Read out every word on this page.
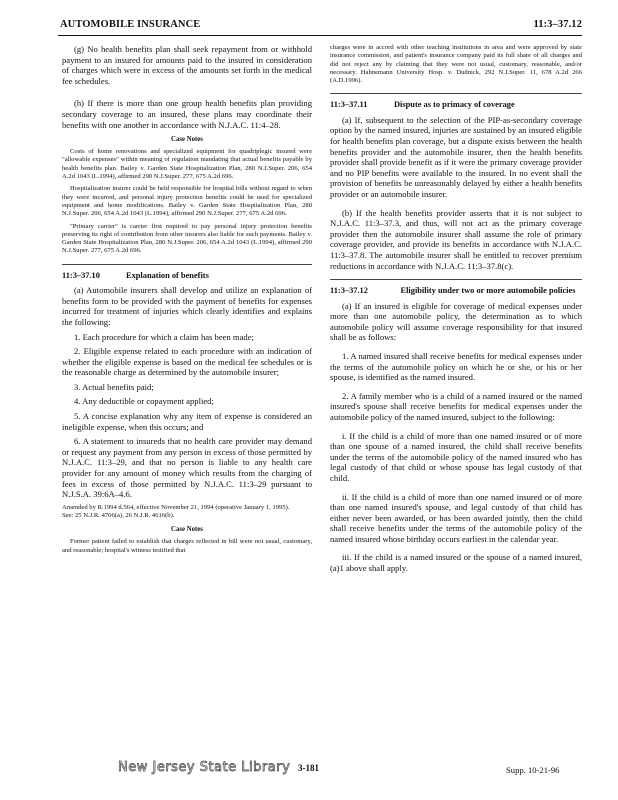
AUTOMOBILE INSURANCE	11:3–37.12

(g) No health benefits plan shall seek repayment from or withhold payment to an insured for amounts paid to the insured in consideration of charges which were in excess of the amounts set forth in the medical fee schedules.

(h) If there is more than one group health benefits plan providing secondary coverage to an insured, these plans may coordinate their benefits with one another in accordance with N.J.A.C. 11:4–28.

Case Notes

Costs of home renovations and specialized equipment for quadriplegic insured were "allowable expenses" within meaning of regulation mandating that actual benefits payable by health benefits plan. Bailey v. Garden State Hospitalization Plan, 280 N.J.Super. 206, 654 A.2d 1043 (L.1994), affirmed 290 N.J.Super. 277, 675 A.2d 696.

Hospitalization insurer could be held responsible for hospital bills without regard to when they were incurred, and personal injury protection benefits could be used for specialized equipment and home modifications. Bailey v. Garden State Hospitalization Plan, 280 N.J.Super. 206, 654 A.2d 1043 (L.1994), affirmed 290 N.J.Super. 277, 675 A.2d 696.

"Primary carrier" is carrier first required to pay personal injury protection benefits preserving its right of contribution from other insurers also liable for such payments. Bailey v. Garden State Hospitalization Plan, 280 N.J.Super. 206, 654 A.2d 1043 (L.1994), affirmed 290 N.J.Super. 277, 675 A.2d 696.

11:3–37.10	Explanation of benefits

(a) Automobile insurers shall develop and utilize an explanation of benefits form to be provided with the payment of benefits for expenses incurred for treatment of injuries which clearly identifies and explains the following:

1. Each procedure for which a claim has been made;

2. Eligible expense related to each procedure with an indication of whether the eligible expense is based on the medical fee schedules or is the reasonable charge as determined by the automobile insurer;

3. Actual benefits paid;

4. Any deductible or copayment applied;

5. A concise explanation why any item of expense is considered an ineligible expense, when this occurs; and

6. A statement to insureds that no health care provider may demand or request any payment from any person in excess of those permitted by N.J.A.C. 11:3–29, and that no person is liable to any health care provider for any amount of money which results from the charging of fees in excess of those permitted by N.J.A.C. 11:3–29 pursuant to N.J.S.A. 39:6A–4.6.

Amended by R.1994 d.564, effective November 21, 1994 (operative January 1, 1995).

See: 25 N.J.R. 4706(a), 26 N.J.R. 4616(b).

Case Notes

Former patient failed to establish that charges reflected in bill were not usual, customary, and reasonable; hospital's witness testified that

charges were in accord with other teaching institutions in area and were approved by state insurance commission, and patient's insurance company paid its full share of all charges and did not reject any by claiming that they were not usual, customary, reasonable, and/or necessary. Hahnemann University Hosp. v. Dudnick, 292 N.J.Super. 11, 678 A.2d 266 (A.D.1996).

11:3–37.11	Dispute as to primacy of coverage

(a) If, subsequent to the selection of the PIP-as-secondary coverage option by the named insured, injuries are sustained by an insured eligible for health benefits plan coverage, but a dispute exists between the health benefits provider and the automobile insurer, then the health benefits provider shall provide benefit as if it were the primary coverage provider and no PIP benefits were available to the insured. In no event shall the provision of benefits be unreasonably delayed by either a health benefits provider or an automobile insurer.

(b) If the health benefits provider asserts that it is not subject to N.J.A.C. 11:3–37.3, and thus, will not act as the primary coverage provider then the automobile insurer shall assume the role of primary coverage provider, and provide its benefits in accordance with N.J.A.C. 11:3–37.8. The automobile insurer shall be entitled to recover premium reductions in accordance with N.J.A.C. 11:3–37.8(c).

11:3–37.12	Eligibility under two or more automobile policies

(a) If an insured is eligible for coverage of medical expenses under more than one automobile policy, the determination as to which automobile policy will assume coverage responsibility for that insured shall be as follows:

1. A named insured shall receive benefits for medical expenses under the terms of the automobile policy on which he or she, or his or her spouse, is identified as the named insured.

2. A family member who is a child of a named insured or the named insured's spouse shall receive benefits for medical expenses under the automobile policy of the named insured, subject to the following:

i. If the child is a child of more than one named insured or of more than one spouse of a named insured, the child shall receive benefits under the terms of the automobile policy of the named insured who has legal custody of that child or whose spouse has legal custody of that child.

ii. If the child is a child of more than one named insured or of more than one named insured's spouse, and legal custody of that child has either never been awarded, or has been awarded jointly, then the child shall receive benefits under the terms of the automobile policy of the named insured whose birthday occurs earliest in the calendar year.

iii. If the child is a named insured or the spouse of a named insured, (a)1 above shall apply.

New Jersey State Library 3-181	Supp. 10-21-96
